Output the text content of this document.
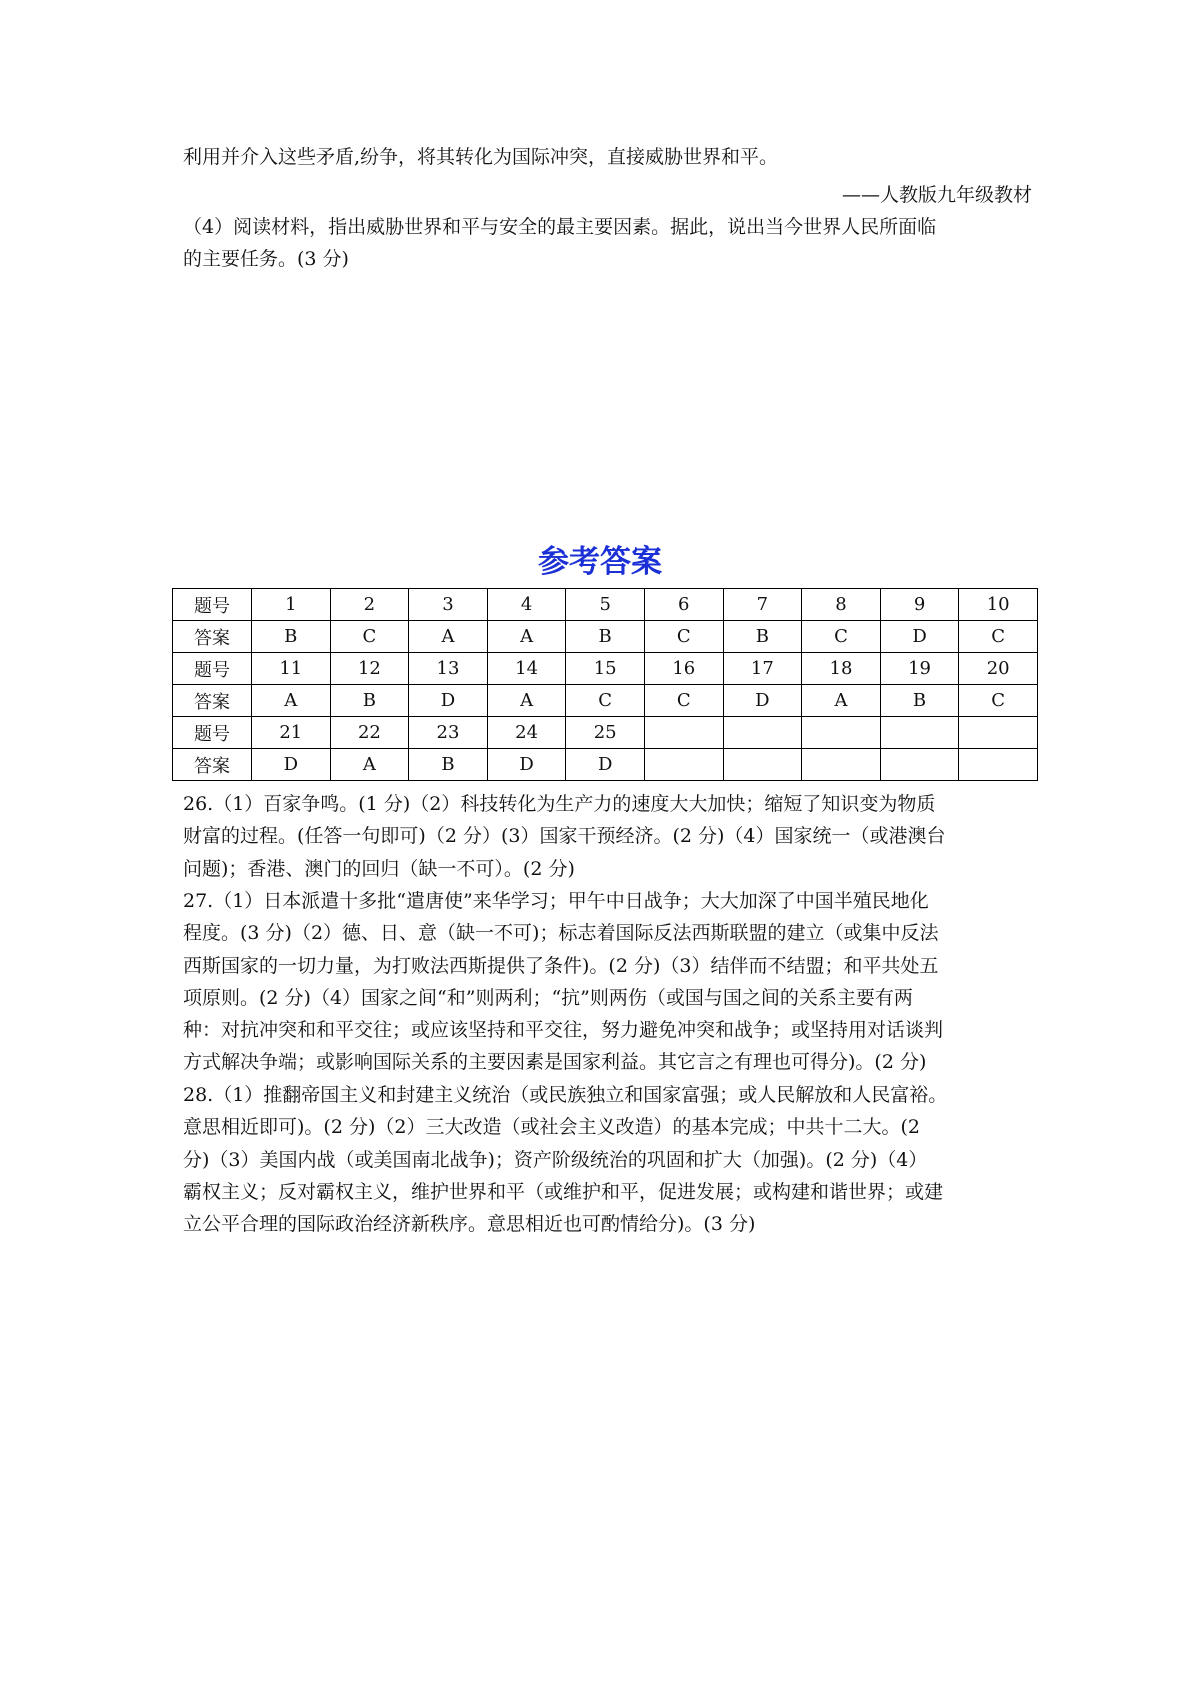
利用并介入这些矛盾,纷争，将其转化为国际冲突，直接威胁世界和平。
——人教版九年级教材
（4）阅读材料，指出威胁世界和平与安全的最主要因素。据此，说出当今世界人民所面临
的主要任务。(3 分)
参考答案
题号	1	2	3	4	5	6	7	8	9	10
答案	B	C	A	A	B	C	B	C	D	C
题号	11	12	13	14	15	16	17	18	19	20
答案	A	B	D	A	C	C	D	A	B	C
题号	21	22	23	24	25					
答案	D	A	B	D	D					
26.（1）百家争鸣。(1 分)（2）科技转化为生产力的速度大大加快；缩短了知识变为物质
财富的过程。(任答一句即可)（2 分）(3）国家干预经济。(2 分)（4）国家统一（或港澳台
问题)；香港、澳门的回归（缺一不可）。(2 分)
27.（1）日本派遣十多批“遣唐使”来华学习；甲午中日战争；大大加深了中国半殖民地化
程度。(3 分)（2）德、日、意（缺一不可)；标志着国际反法西斯联盟的建立（或集中反法
西斯国家的一切力量，为打败法西斯提供了条件)。(2 分)（3）结伴而不结盟；和平共处五
项原则。(2 分)（4）国家之间“和”则两利；“抗”则两伤（或国与国之间的关系主要有两
种：对抗冲突和和平交往；或应该坚持和平交往，努力避免冲突和战争；或坚持用对话谈判
方式解决争端；或影响国际关系的主要因素是国家利益。其它言之有理也可得分)。(2 分)
28.（1）推翻帝国主义和封建主义统治（或民族独立和国家富强；或人民解放和人民富裕。
意思相近即可)。(2 分)（2）三大改造（或社会主义改造）的基本完成；中共十二大。(2
分)（3）美国内战（或美国南北战争)；资产阶级统治的巩固和扩大（加强)。(2 分)（4）
霸权主义；反对霸权主义，维护世界和平（或维护和平，促进发展；或构建和谐世界；或建
立公平合理的国际政治经济新秩序。意思相近也可酌情给分)。(3 分)
